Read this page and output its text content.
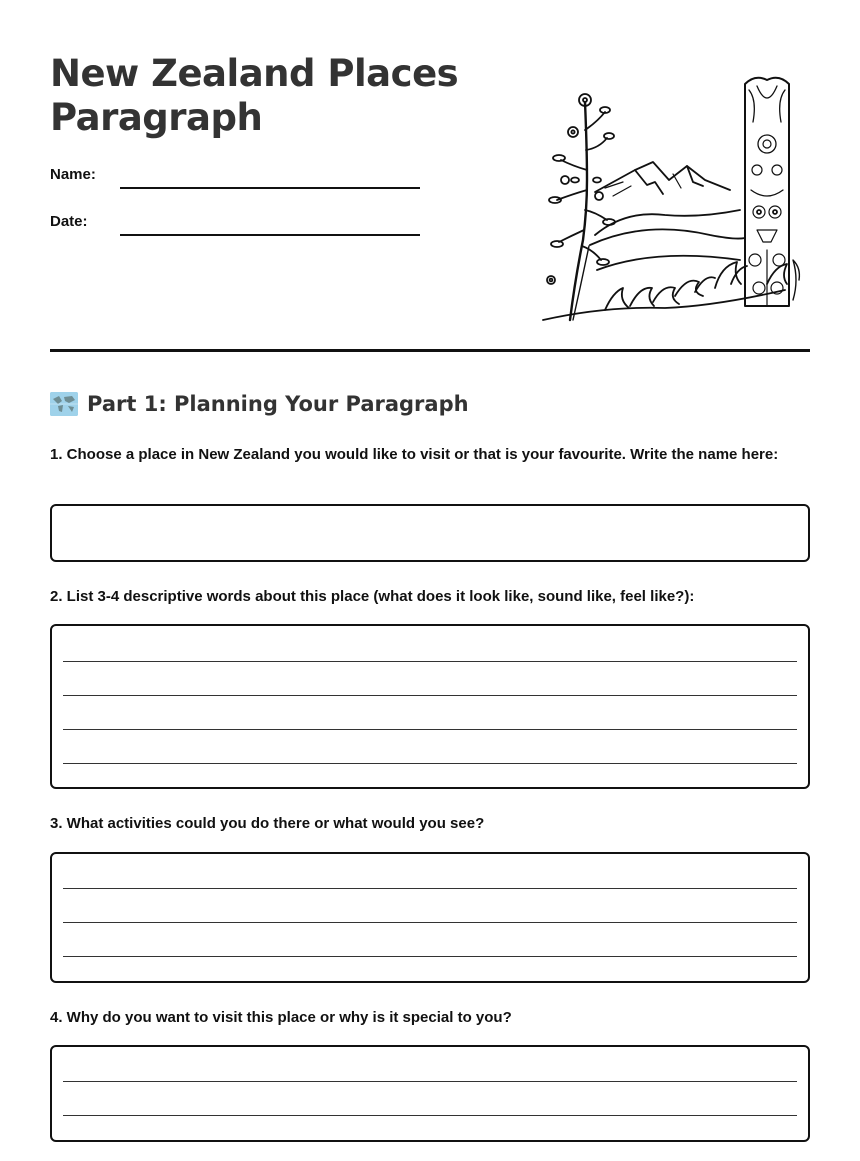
New Zealand Places Paragraph
Name:
Date:
Part 1: Planning Your Paragraph

1. Choose a place in New Zealand you would like to visit or that is your favourite. Write the name here:

2. List 3-4 descriptive words about this place (what does it look like, sound like, feel like?):

3. What activities could you do there or what would you see?

4. Why do you want to visit this place or why is it special to you?
